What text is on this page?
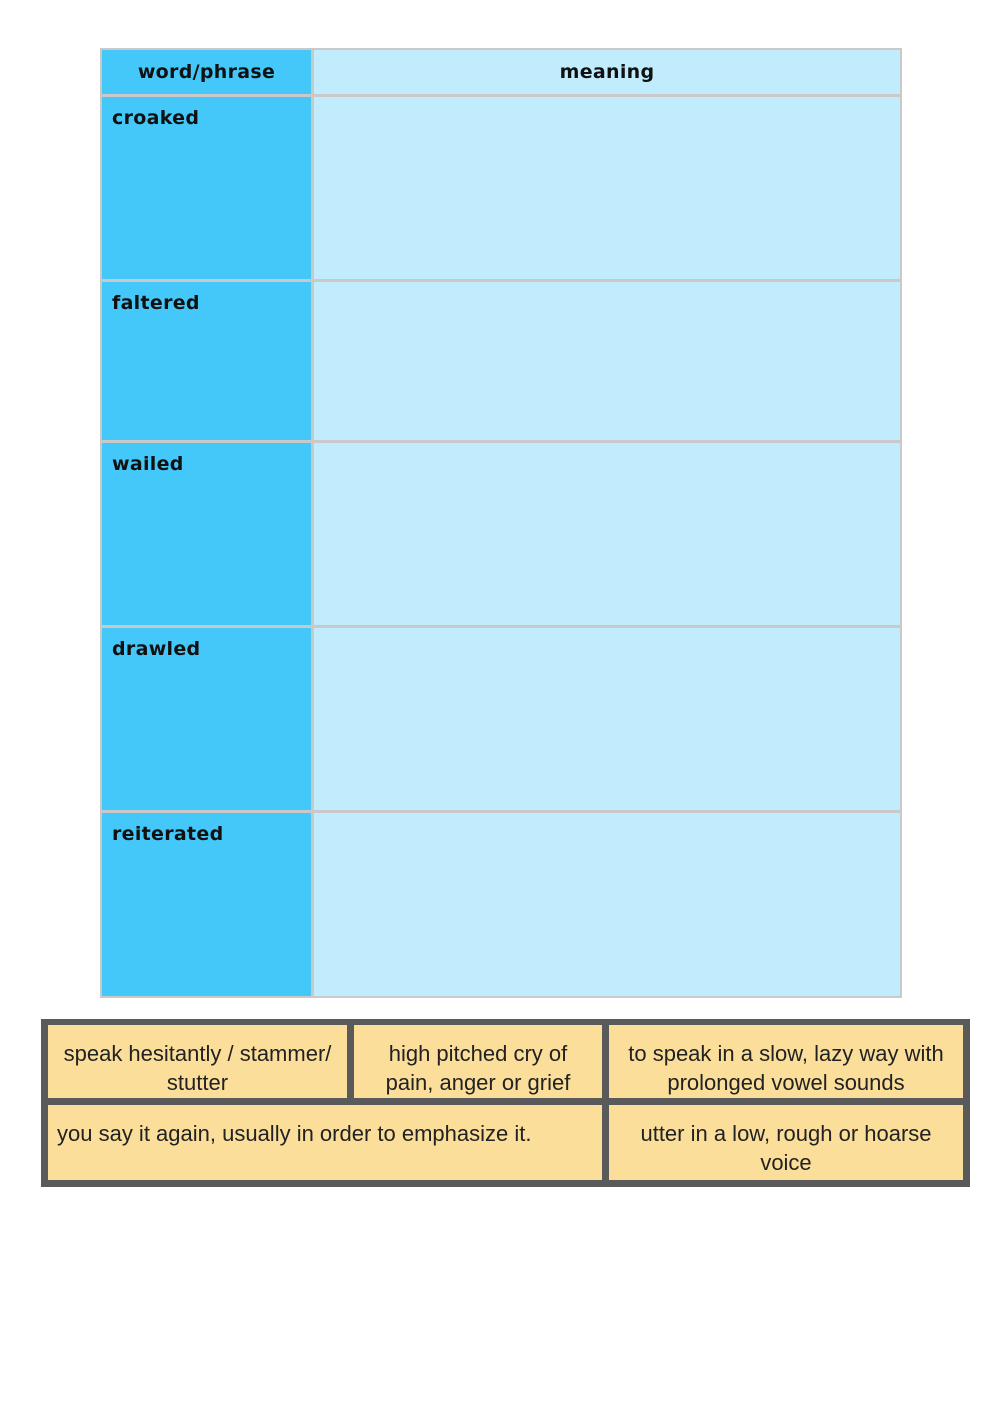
word/phrase	meaning
croaked
faltered
wailed
drawled
reiterated
speak hesitantly / stammer/ stutter
high pitched cry of pain, anger or grief
to speak in a slow, lazy way with prolonged vowel sounds
you say it again, usually in order to emphasize it.	utter in a low, rough or hoarse voice
